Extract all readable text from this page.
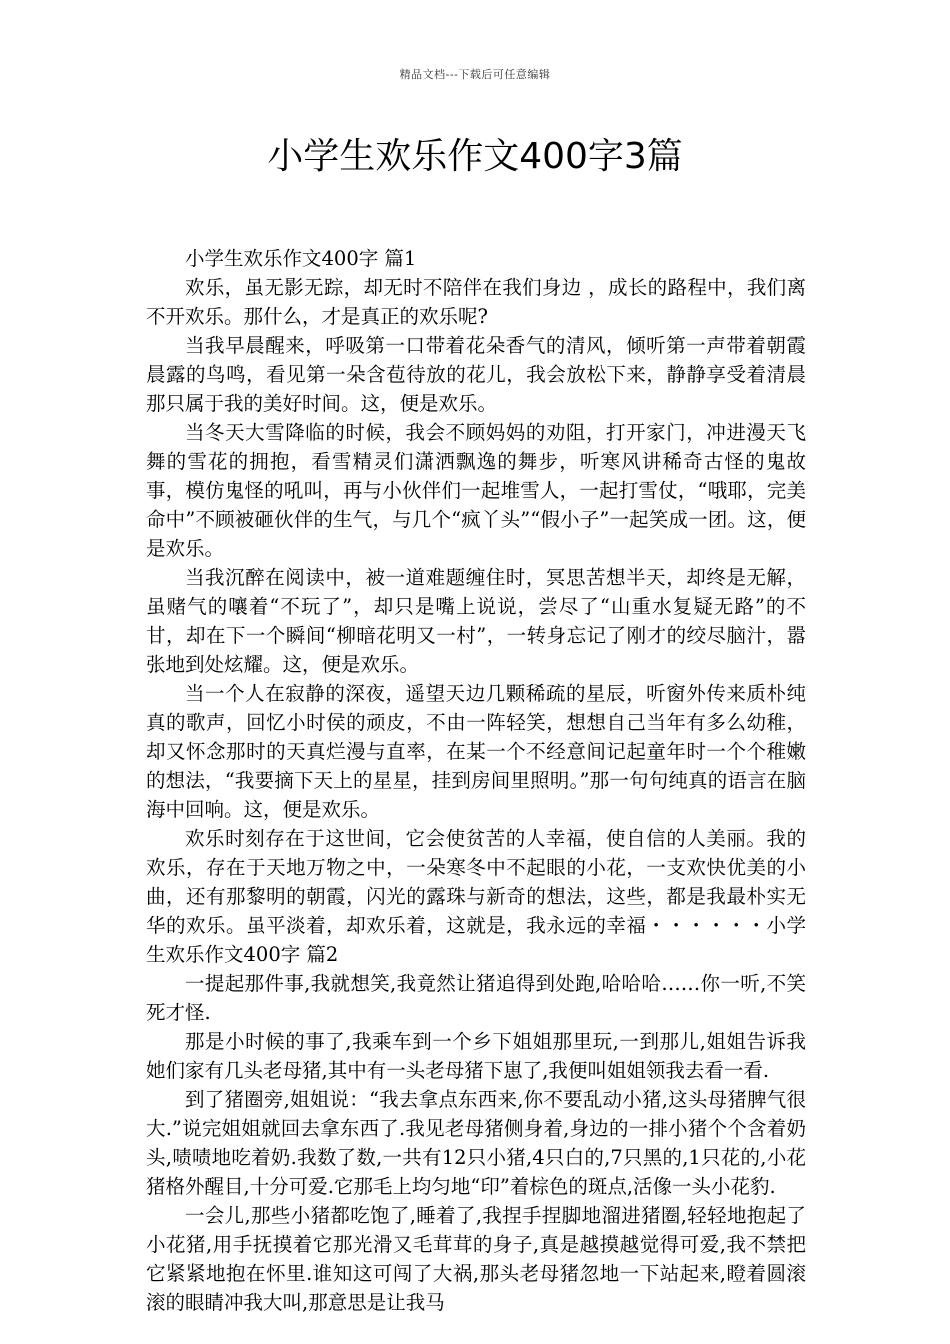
精品文档---下载后可任意编辑
小学生欢乐作文400字3篇

小学生欢乐作文400字 篇1

欢乐，虽无影无踪，却无时不陪伴在我们身边 ，成长的路程中，我们离不开欢乐。那什么，才是真正的欢乐呢?

当我早晨醒来，呼吸第一口带着花朵香气的清风，倾听第一声带着朝霞晨露的鸟鸣，看见第一朵含苞待放的花儿，我会放松下来，静静享受着清晨那只属于我的美好时间。这，便是欢乐。

当冬天大雪降临的时候，我会不顾妈妈的劝阻，打开家门，冲进漫天飞舞的雪花的拥抱，看雪精灵们潇洒飘逸的舞步，听寒风讲稀奇古怪的鬼故事，模仿鬼怪的吼叫，再与小伙伴们一起堆雪人，一起打雪仗，“哦耶，完美命中”不顾被砸伙伴的生气，与几个“疯丫头”“假小子”一起笑成一团。这，便是欢乐。

当我沉醉在阅读中，被一道难题缠住时，冥思苦想半天，却终是无解，虽赌气的嚷着“不玩了”，却只是嘴上说说，尝尽了“山重水复疑无路”的不甘，却在下一个瞬间“柳暗花明又一村”，一转身忘记了刚才的绞尽脑汁，嚣张地到处炫耀。这，便是欢乐。

当一个人在寂静的深夜，遥望天边几颗稀疏的星辰，听窗外传来质朴纯真的歌声，回忆小时侯的顽皮，不由一阵轻笑，想想自己当年有多么幼稚，却又怀念那时的天真烂漫与直率，在某一个不经意间记起童年时一个个稚嫩的想法，“我要摘下天上的星星，挂到房间里照明。”那一句句纯真的语言在脑海中回响。这，便是欢乐。

欢乐时刻存在于这世间，它会使贫苦的人幸福，使自信的人美丽。我的欢乐，存在于天地万物之中，一朵寒冬中不起眼的小花，一支欢快优美的小曲，还有那黎明的朝霞，闪光的露珠与新奇的想法，这些，都是我最朴实无华的欢乐。虽平淡着，却欢乐着，这就是，我永远的幸福・・・・・・小学生欢乐作文400字 篇2

一提起那件事,我就想笑,我竟然让猪追得到处跑,哈哈哈……你一听,不笑死才怪.

那是小时候的事了,我乘车到一个乡下姐姐那里玩,一到那儿,姐姐告诉我她们家有几头老母猪,其中有一头老母猪下崽了,我便叫姐姐领我去看一看.

到了猪圈旁,姐姐说：“我去拿点东西来,你不要乱动小猪,这头母猪脾气很大.”说完姐姐就回去拿东西了.我见老母猪侧身着,身边的一排小猪个个含着奶头,啧啧地吃着奶.我数了数,一共有12只小猪,4只白的,7只黑的,1只花的,小花猪格外醒目,十分可爱.它那毛上均匀地“印”着棕色的斑点,活像一头小花豹.

一会儿,那些小猪都吃饱了,睡着了,我捏手捏脚地溜进猪圈,轻轻地抱起了小花猪,用手抚摸着它那光滑又毛茸茸的身子,真是越摸越觉得可爱,我不禁把它紧紧地抱在怀里.谁知这可闯了大祸,那头老母猪忽地一下站起来,瞪着圆滚滚的眼睛冲我大叫,那意思是让我马
